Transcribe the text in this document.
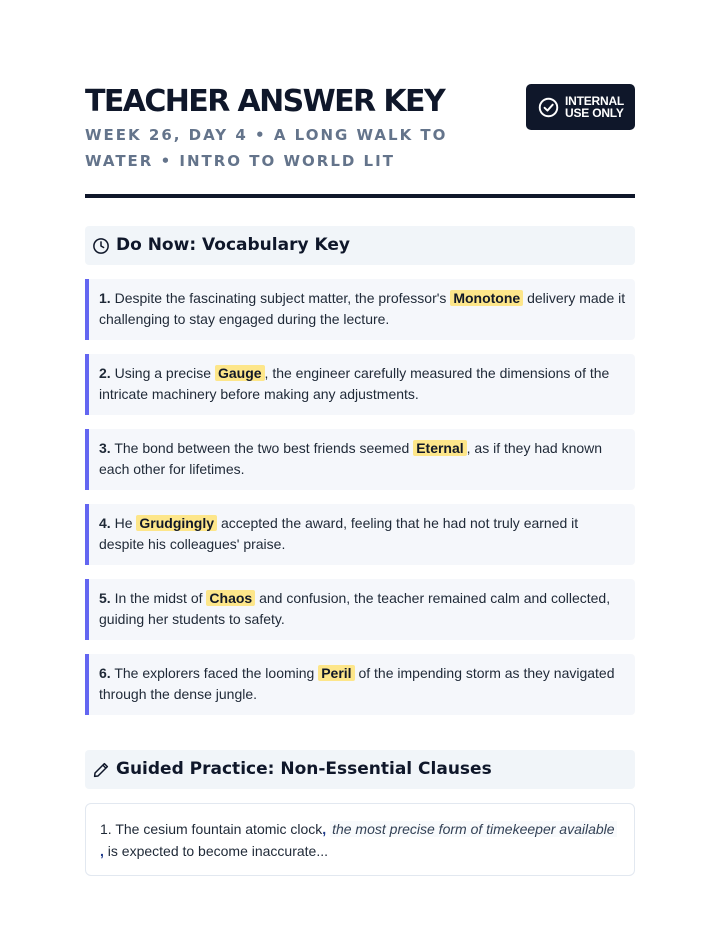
TEACHER ANSWER KEY
WEEK 26, DAY 4 • A LONG WALK TO WATER • INTRO TO WORLD LIT
INTERNAL
USE ONLY
Do Now: Vocabulary Key
1. Despite the fascinating subject matter, the professor's Monotone delivery made it challenging to stay engaged during the lecture.
2. Using a precise Gauge , the engineer carefully measured the dimensions of the intricate machinery before making any adjustments.
3. The bond between the two best friends seemed Eternal , as if they had known each other for lifetimes.
4. He Grudgingly accepted the award, feeling that he had not truly earned it despite his colleagues' praise.
5. In the midst of Chaos and confusion, the teacher remained calm and collected, guiding her students to safety.
6. The explorers faced the looming Peril of the impending storm as they navigated through the dense jungle.
Guided Practice: Non-Essential Clauses
1. The cesium fountain atomic clock, the most precise form of timekeeper available , is expected to become inaccurate...
